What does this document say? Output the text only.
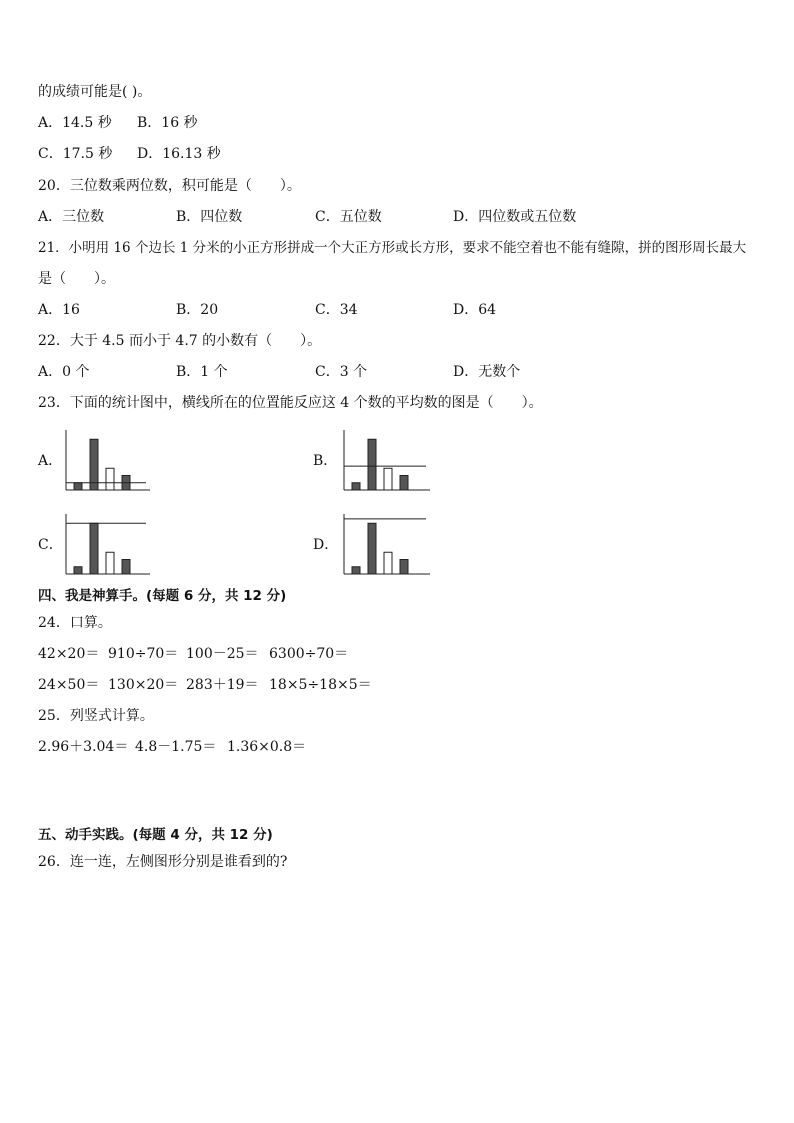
的成绩可能是( )。
A．14.5 秒 B．16 秒
C．17.5 秒 D．16.13 秒
20．三位数乘两位数，积可能是（　　）。
A．三位数	B．四位数	C．五位数	D．四位数或五位数
21．小明用 16 个边长 1 分米的小正方形拼成一个大正方形或长方形，要求不能空着也不能有缝隙，拼的图形周长最大
是（　　）。
A．16	B．20	C．34	D．64
22．大于 4.5 而小于 4.7 的小数有（　　）。
A．0 个	B．1 个	C．3 个	D．无数个
23．下面的统计图中，横线所在的位置能反应这 4 个数的平均数的图是（　　）。
A．	B．
C．	D．
四、我是神算手。(每题 6 分，共 12 分)
24．口算。
42×20＝ 910÷70＝ 100－25＝ 6300÷70＝
24×50＝ 130×20＝ 283＋19＝ 18×5÷18×5＝
25．列竖式计算。
2.96＋3.04＝ 4.8－1.75＝ 1.36×0.8＝
五、动手实践。(每题 4 分，共 12 分)
26．连一连，左侧图形分别是谁看到的?
